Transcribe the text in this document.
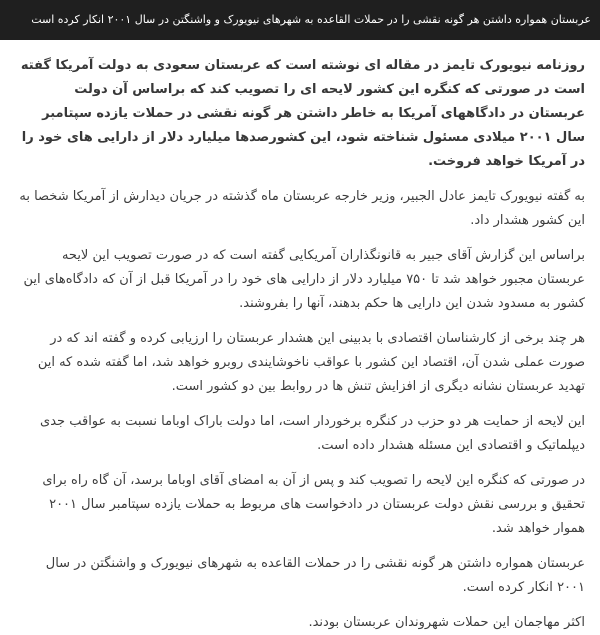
عربستان همواره داشتن هر گونه نقشی را در حملات القاعده به شهرهای نیویورک و واشنگتن در سال ۲۰۰۱ انکار کرده است

روزنامه نیویورک تایمز در مقاله ای نوشته است که عربستان سعودی به دولت آمریکا گفته است در صورتی که کنگره این کشور لایحه ای را تصویب کند که براساس آن دولت عربستان در دادگاههای آمریکا به خاطر داشتن هر گونه نقشی در حملات یازده سپتامبر سال ۲۰۰۱ میلادی مسئول شناخته شود، این کشورصدها میلیارد دلار از دارایی های خود را در آمریکا خواهد فروخت.

به گفته نیویورک تایمز عادل الجبیر، وزیر خارجه عربستان ماه گذشته در جریان دیدارش از آمریکا شخصا به این کشور هشدار داد.

براساس این گزارش آقای جبیر به قانونگذاران آمریکایی گفته است که در صورت تصویب این لایحه عربستان مجبور خواهد شد تا ۷۵۰ میلیارد دلار از دارایی های خود را در آمریکا قبل از آن که دادگاه‌های این کشور به مسدود شدن این دارایی ها حکم بدهند، آنها را بفروشند.

هر چند برخی از کارشناسان اقتصادی با بدبینی این هشدار عربستان را ارزیابی کرده و گفته اند که در صورت عملی شدن آن، اقتصاد این کشور با عواقب ناخوشایندی روبرو خواهد شد، اما گفته شده که این تهدید عربستان نشانه دیگری از افزایش تنش ها در روابط بین دو کشور است.

این لایحه از حمایت هر دو حزب در کنگره برخوردار است، اما دولت باراک اوباما نسبت به عواقب جدی دیپلماتیک و اقتصادی این مسئله هشدار داده است.

در صورتی که کنگره این لایحه را تصویب کند و پس از آن به امضای آقای اوباما برسد، آن گاه راه برای تحقیق و بررسی نقش دولت عربستان در دادخواست های مربوط به حملات یازده سپتامبر سال ۲۰۰۱ هموار خواهد شد.

عربستان همواره داشتن هر گونه نقشی را در حملات القاعده به شهرهای نیویورک و واشنگتن در سال ۲۰۰۱ انکار کرده است.

اکثر مهاجمان این حملات شهروندان عربستان بودند.
